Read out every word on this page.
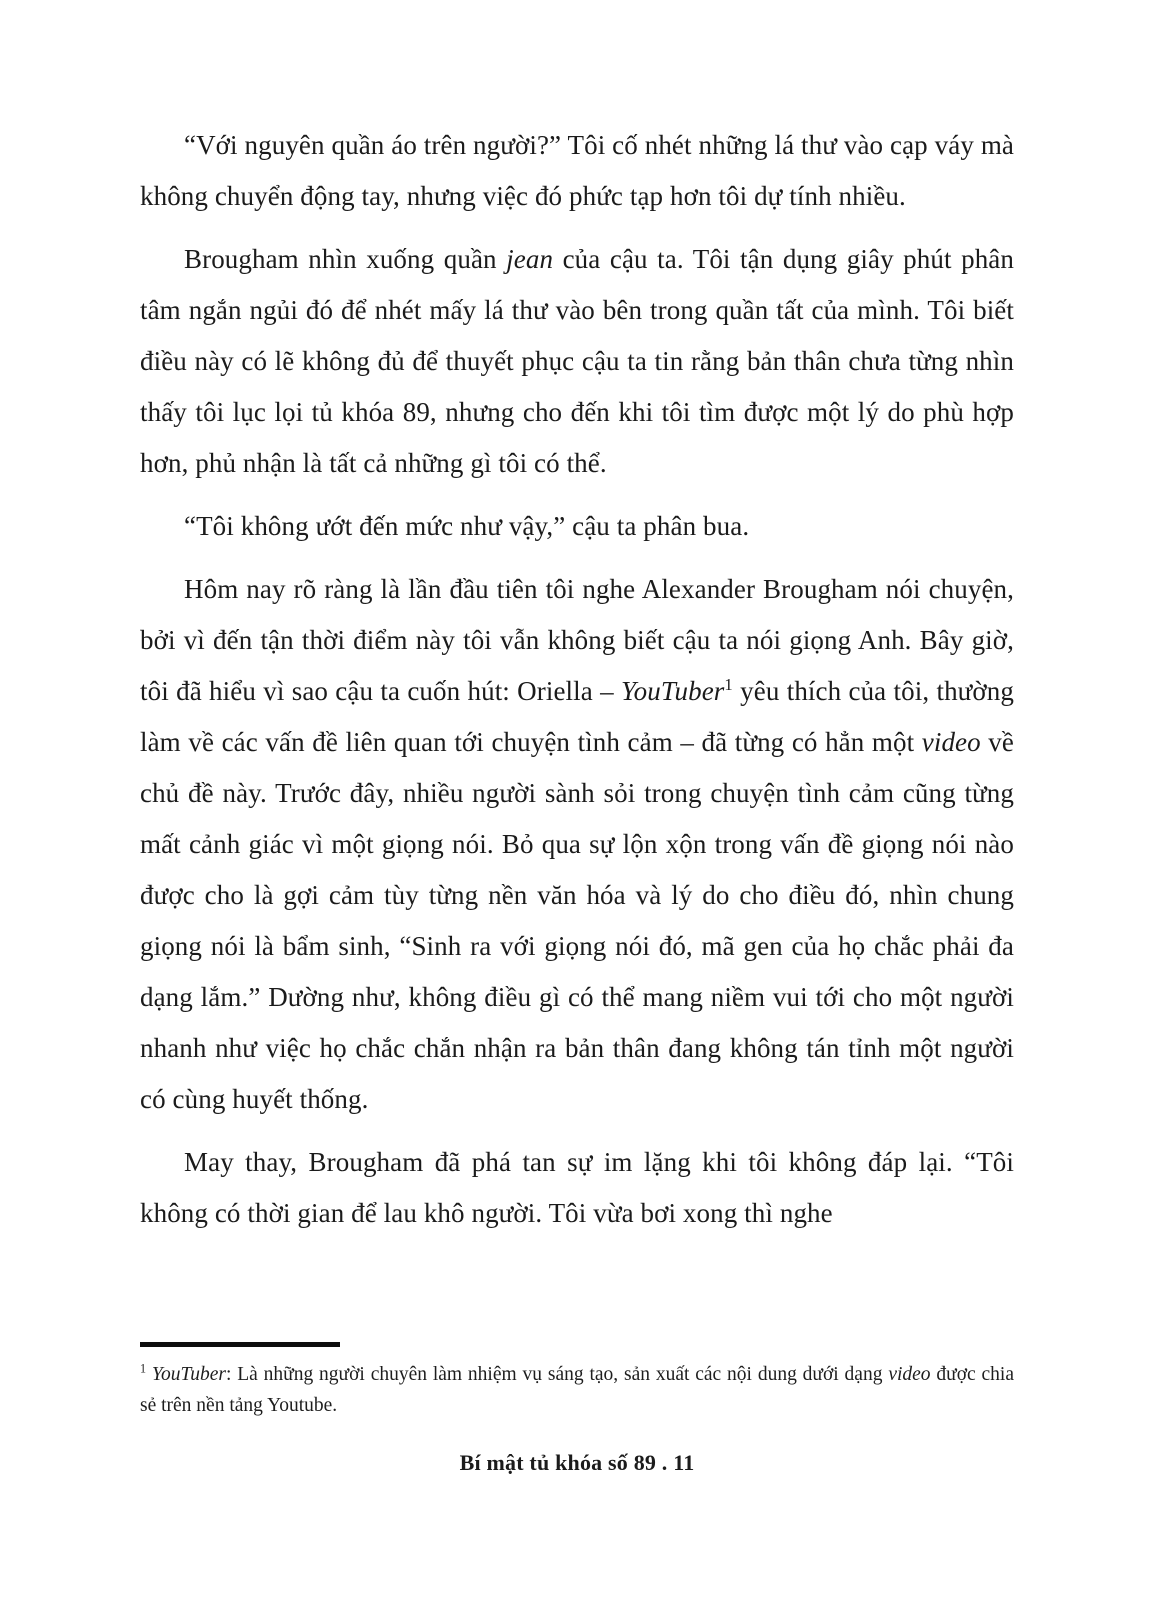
“Với nguyên quần áo trên người?” Tôi cố nhét những lá thư vào cạp váy mà không chuyển động tay, nhưng việc đó phức tạp hơn tôi dự tính nhiều.

Brougham nhìn xuống quần jean của cậu ta. Tôi tận dụng giây phút phân tâm ngắn ngủi đó để nhét mấy lá thư vào bên trong quần tất của mình. Tôi biết điều này có lẽ không đủ để thuyết phục cậu ta tin rằng bản thân chưa từng nhìn thấy tôi lục lọi tủ khóa 89, nhưng cho đến khi tôi tìm được một lý do phù hợp hơn, phủ nhận là tất cả những gì tôi có thể.

“Tôi không ướt đến mức như vậy,” cậu ta phân bua.

Hôm nay rõ ràng là lần đầu tiên tôi nghe Alexander Brougham nói chuyện, bởi vì đến tận thời điểm này tôi vẫn không biết cậu ta nói giọng Anh. Bây giờ, tôi đã hiểu vì sao cậu ta cuốn hút: Oriella – YouTuber$^1$ yêu thích của tôi, thường làm về các vấn đề liên quan tới chuyện tình cảm – đã từng có hẳn một video về chủ đề này. Trước đây, nhiều người sành sỏi trong chuyện tình cảm cũng từng mất cảnh giác vì một giọng nói. Bỏ qua sự lộn xộn trong vấn đề giọng nói nào được cho là gợi cảm tùy từng nền văn hóa và lý do cho điều đó, nhìn chung giọng nói là bẩm sinh, “Sinh ra với giọng nói đó, mã gen của họ chắc phải đa dạng lắm.” Dường như, không điều gì có thể mang niềm vui tới cho một người nhanh như việc họ chắc chắn nhận ra bản thân đang không tán tỉnh một người có cùng huyết thống.

May thay, Brougham đã phá tan sự im lặng khi tôi không đáp lại. “Tôi không có thời gian để lau khô người. Tôi vừa bơi xong thì nghe

$^1$ YouTuber: Là những người chuyên làm nhiệm vụ sáng tạo, sản xuất các nội dung dưới dạng video được chia sẻ trên nền tảng Youtube.
Bí mật tủ khóa số 89 . 11
